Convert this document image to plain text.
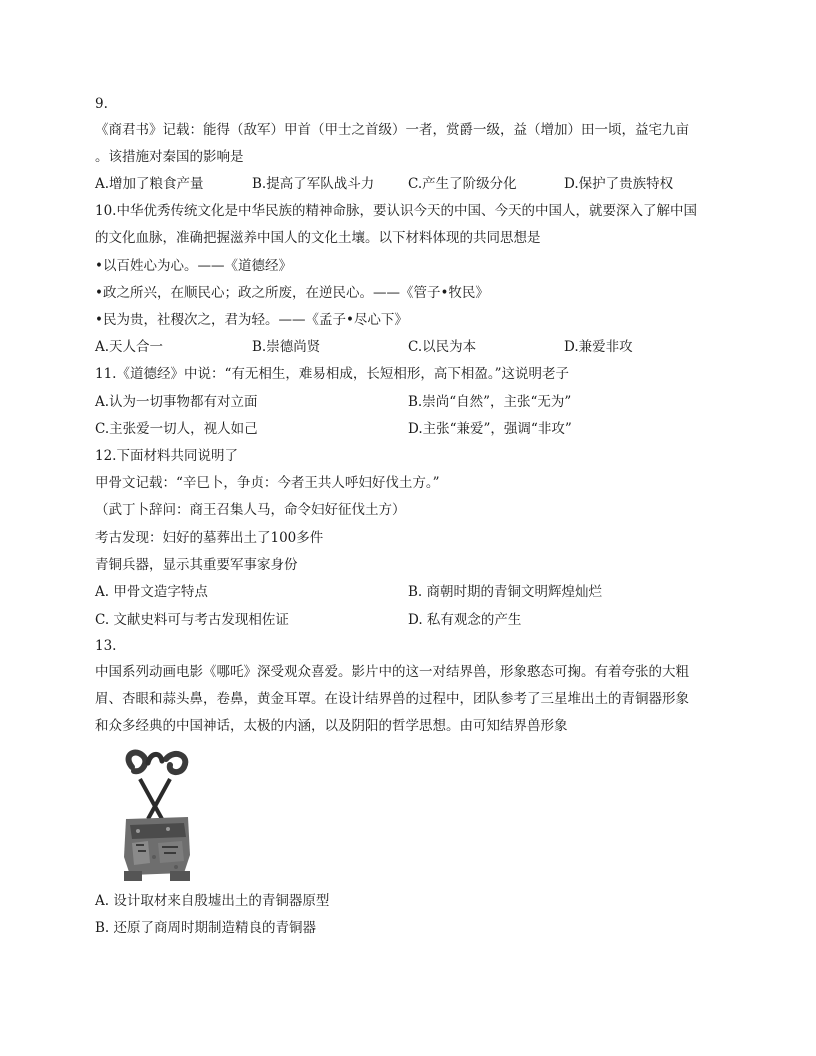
9.
《商君书》记载：能得（敌军）甲首（甲士之首级）一者，赏爵一级，益（增加）田一顷，益宅九亩
。该措施对秦国的影响是
A.增加了粮食产量	B.提高了军队战斗力	C.产生了阶级分化	D.保护了贵族特权
10.中华优秀传统文化是中华民族的精神命脉，要认识今天的中国、今天的中国人，就要深入了解中国
的文化血脉，准确把握滋养中国人的文化土壤。以下材料体现的共同思想是
•以百姓心为心。——《道德经》
•政之所兴，在顺民心；政之所废，在逆民心。——《管子•牧民》
•民为贵，社稷次之，君为轻。——《孟子•尽心下》
A.天人合一	B.崇德尚贤	C.以民为本	D.兼爱非攻
11.《道德经》中说：“有无相生，难易相成，长短相形，高下相盈。”这说明老子
A.认为一切事物都有对立面	B.崇尚“自然”，主张“无为”
C.主张爱一切人，视人如己	D.主张“兼爱”，强调“非攻”
12.下面材料共同说明了
甲骨文记载：“辛巳卜，争贞：今者王共人呼妇好伐土方。”
（武丁卜辞问：商王召集人马，命令妇好征伐土方）
考古发现：妇好的墓葬出土了100多件
青铜兵器，显示其重要军事家身份
A. 甲骨文造字特点	B. 商朝时期的青铜文明辉煌灿烂
C. 文献史料可与考古发现相佐证	D. 私有观念的产生
13.
中国系列动画电影《哪吒》深受观众喜爱。影片中的这一对结界兽，形象憨态可掬。有着夸张的大粗
眉、杏眼和蒜头鼻，卷鼻，黄金耳罩。在设计结界兽的过程中，团队参考了三星堆出土的青铜器形象
和众多经典的中国神话，太极的内涵，以及阴阳的哲学思想。由可知结界兽形象
A. 设计取材来自殷墟出土的青铜器原型
B. 还原了商周时期制造精良的青铜器
